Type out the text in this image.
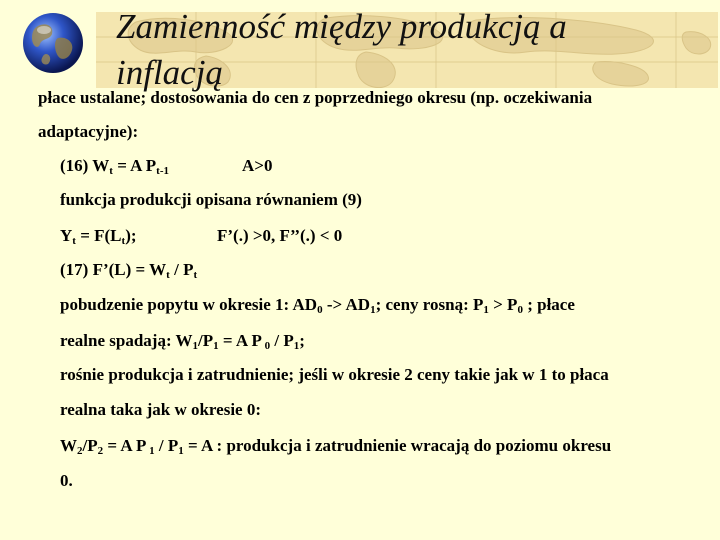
Zamienność między produkcją a
inflacją
płace ustalane; dostosowania do cen z poprzedniego okresu (np. oczekiwania
adaptacyjne):
(16) $W_t = A$ $P_{t-1}$	A>0
funkcja produkcji opisana równaniem (9)
$Y_t = F(L_t)$;	F’(.) >0, F’’(.) < 0
(17) F’(L) = $W_t / P_t$
pobudzenie popytu w okresie 1: $AD_0 -> AD_1$; ceny rosną: $P_1 > P_0$ ; płace
realne spadają: $W_1/P_1 = A$ P $_0 / P_1$;
rośnie produkcja i zatrudnienie; jeśli w okresie 2 ceny takie jak w 1 to płaca
realna taka jak w okresie 0:
$W_2/P_2 = A$ P $_1 / P_1 = A$ : produkcja i zatrudnienie wracają do poziomu okresu
0.
